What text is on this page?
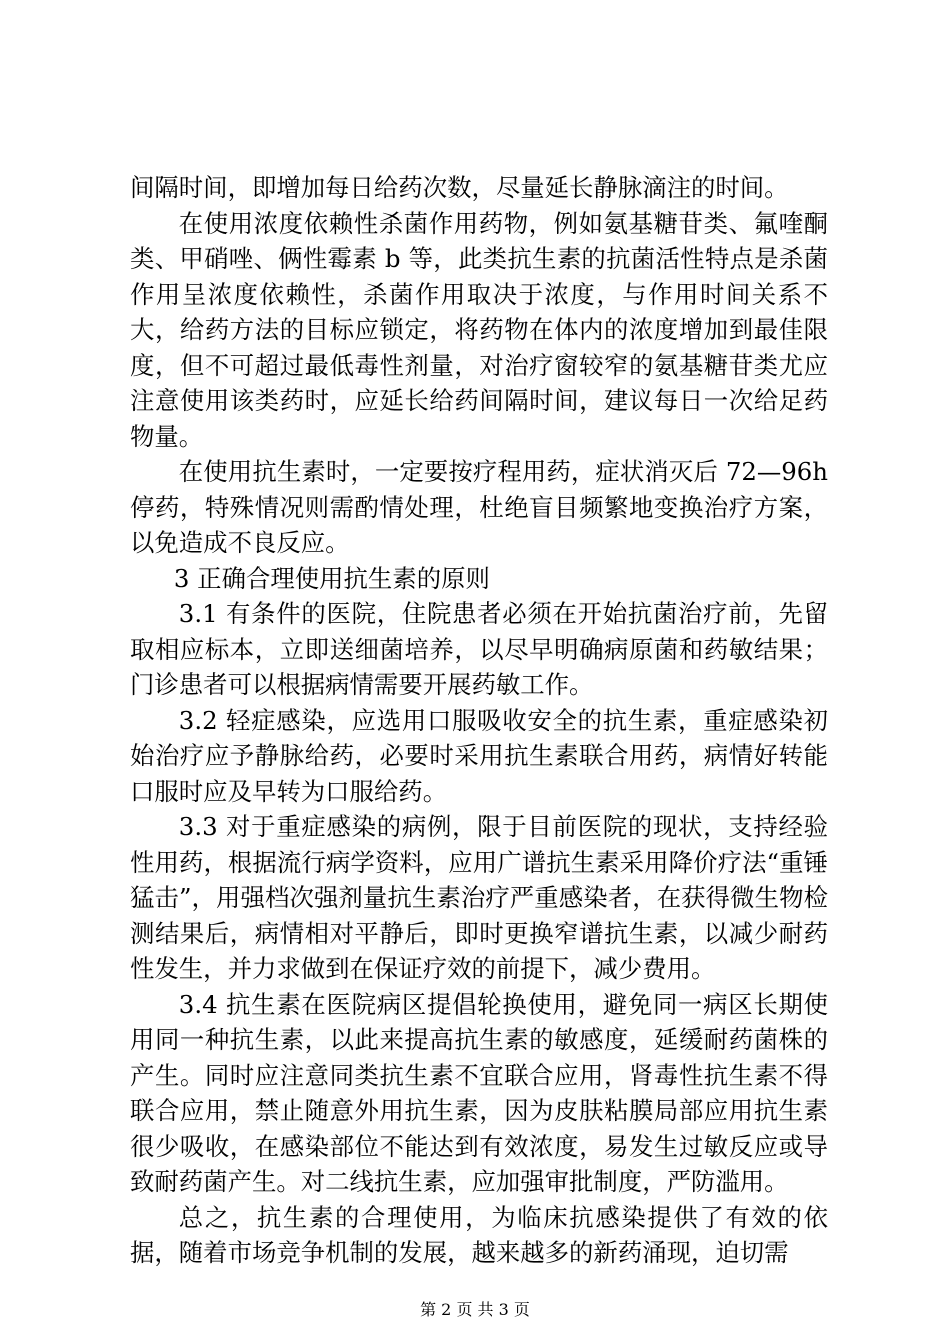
间隔时间，即增加每日给药次数，尽量延长静脉滴注的时间。

在使用浓度依赖性杀菌作用药物，例如氨基糖苷类、氟喹酮类、甲硝唑、俩性霉素 b 等，此类抗生素的抗菌活性特点是杀菌作用呈浓度依赖性，杀菌作用取决于浓度，与作用时间关系不大，给药方法的目标应锁定，将药物在体内的浓度增加到最佳限度，但不可超过最低毒性剂量，对治疗窗较窄的氨基糖苷类尤应注意使用该类药时，应延长给药间隔时间，建议每日一次给足药物量。

在使用抗生素时，一定要按疗程用药，症状消灭后 72—96h 停药，特殊情况则需酌情处理，杜绝盲目频繁地变换治疗方案，以免造成不良反应。

3 正确合理使用抗生素的原则

3.1 有条件的医院，住院患者必须在开始抗菌治疗前，先留取相应标本，立即送细菌培养，以尽早明确病原菌和药敏结果；门诊患者可以根据病情需要开展药敏工作。

3.2 轻症感染，应选用口服吸收安全的抗生素，重症感染初始治疗应予静脉给药，必要时采用抗生素联合用药，病情好转能口服时应及早转为口服给药。

3.3 对于重症感染的病例，限于目前医院的现状，支持经验性用药，根据流行病学资料，应用广谱抗生素采用降价疗法“重锤猛击”，用强档次强剂量抗生素治疗严重感染者，在获得微生物检测结果后，病情相对平静后，即时更换窄谱抗生素，以减少耐药性发生，并力求做到在保证疗效的前提下，减少费用。

3.4 抗生素在医院病区提倡轮换使用，避免同一病区长期使用同一种抗生素，以此来提高抗生素的敏感度，延缓耐药菌株的产生。同时应注意同类抗生素不宜联合应用，肾毒性抗生素不得联合应用，禁止随意外用抗生素，因为皮肤粘膜局部应用抗生素很少吸收，在感染部位不能达到有效浓度，易发生过敏反应或导致耐药菌产生。对二线抗生素，应加强审批制度，严防滥用。

总之，抗生素的合理使用，为临床抗感染提供了有效的依据，随着市场竞争机制的发展，越来越多的新药涌现，迫切需

第 2 页 共 3 页
